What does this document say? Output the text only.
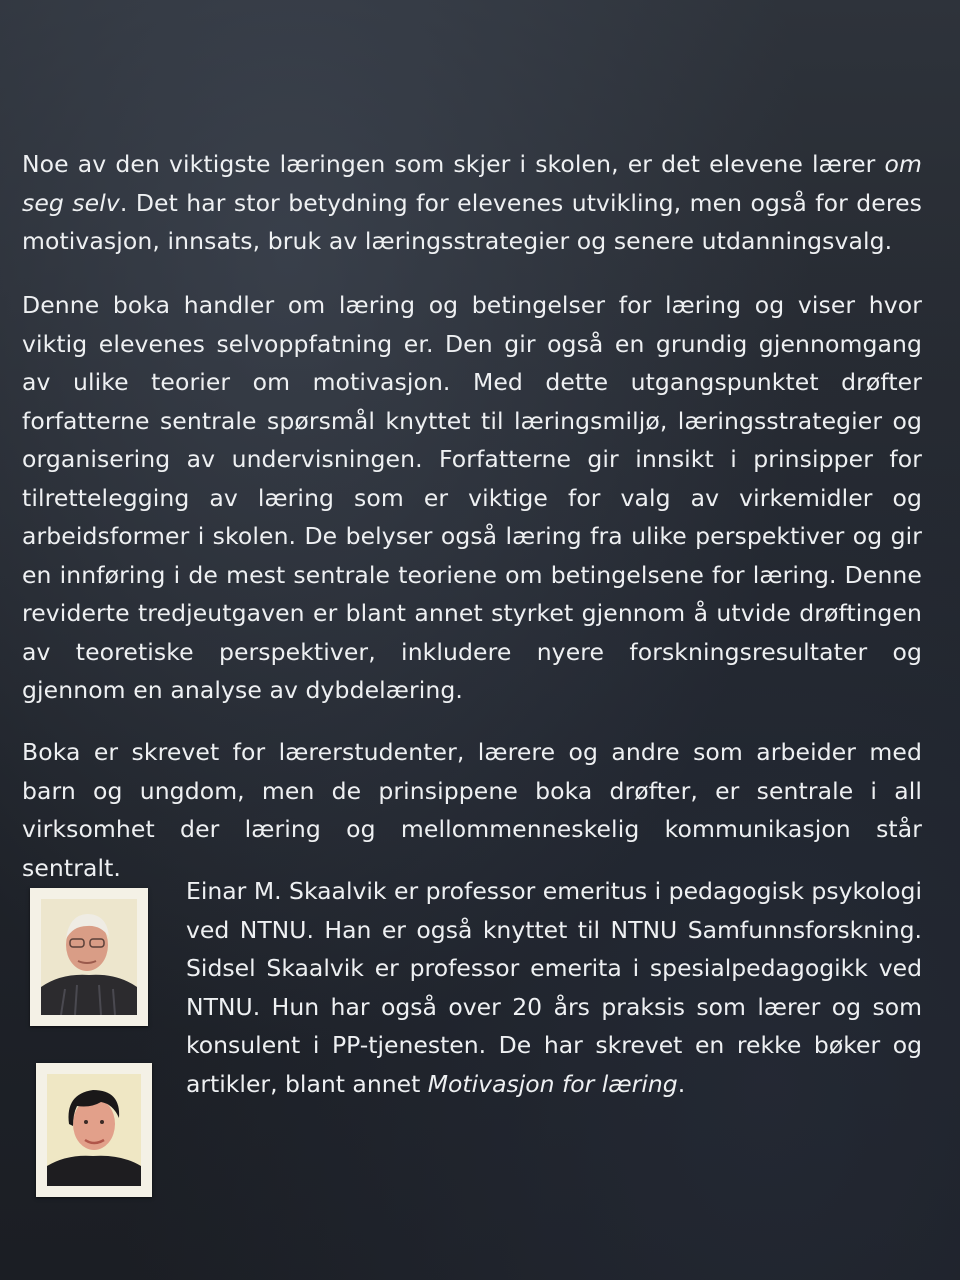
Noe av den viktigste læringen som skjer i skolen, er det elevene lærer om seg selv. Det har stor betydning for elevenes utvikling, men også for deres motivasjon, innsats, bruk av læringsstrategier og senere utdanningsvalg.

Denne boka handler om læring og betingelser for læring og viser hvor viktig elevenes selvoppfatning er. Den gir også en grundig gjennomgang av ulike teorier om motivasjon. Med dette utgangspunktet drøfter forfatterne sentrale spørsmål knyttet til læringsmiljø, læringsstrategier og organisering av undervisningen. Forfatterne gir innsikt i prinsipper for tilrettelegging av læring som er viktige for valg av virkemidler og arbeidsformer i skolen. De belyser også læring fra ulike perspektiver og gir en innføring i de mest sentrale teoriene om betingelsene for læring. Denne reviderte tredjeutgaven er blant annet styrket gjennom å utvide drøftingen av teoretiske perspektiver, inkludere nyere forskningsresultater og gjennom en analyse av dybdelæring.

Boka er skrevet for lærerstudenter, lærere og andre som arbeider med barn og ungdom, men de prinsippene boka drøfter, er sentrale i all virksomhet der læring og mellommenneskelig kommunikasjon står sentralt.

Einar M. Skaalvik er professor emeritus i pedagogisk psykologi ved NTNU. Han er også knyttet til NTNU Samfunnsforskning. Sidsel Skaalvik er professor emerita i spesialpedagogikk ved NTNU. Hun har også over 20 års praksis som lærer og som konsulent i PP-tjenesten. De har skrevet en rekke bøker og artikler, blant annet Motivasjon for læring.
